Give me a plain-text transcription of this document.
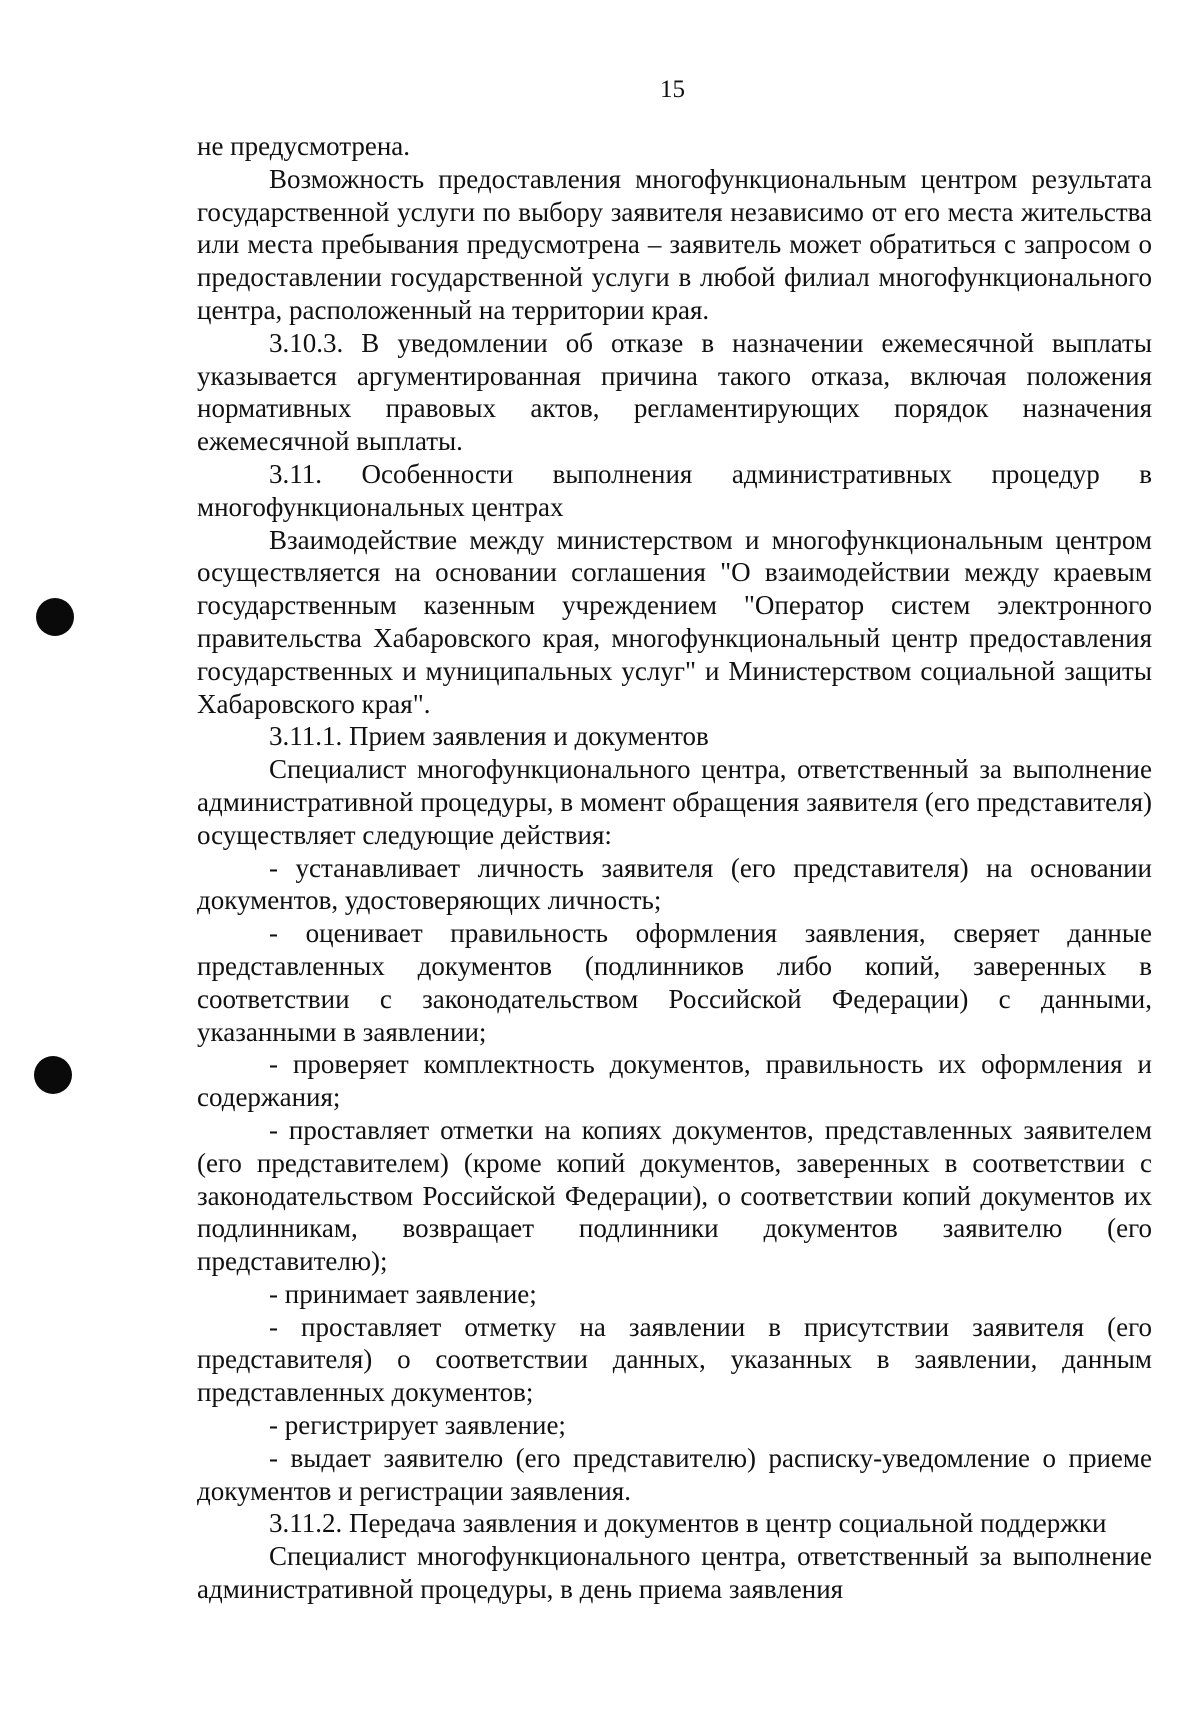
15

не предусмотрена.

Возможность предоставления многофункциональным центром результата государственной услуги по выбору заявителя независимо от его места жительства или места пребывания предусмотрена – заявитель может обратиться с запросом о предоставлении государственной услуги в любой филиал многофункционального центра, расположенный на территории края.

3.10.3. В уведомлении об отказе в назначении ежемесячной выплаты указывается аргументированная причина такого отказа, включая положения нормативных правовых актов, регламентирующих порядок назначения ежемесячной выплаты.

3.11. Особенности выполнения административных процедур в многофункциональных центрах

Взаимодействие между министерством и многофункциональным центром осуществляется на основании соглашения "О взаимодействии между краевым государственным казенным учреждением "Оператор систем электронного правительства Хабаровского края, многофункциональный центр предоставления государственных и муниципальных услуг" и Министерством социальной защиты Хабаровского края".

3.11.1. Прием заявления и документов

Специалист многофункционального центра, ответственный за выполнение административной процедуры, в момент обращения заявителя (его представителя) осуществляет следующие действия:

- устанавливает личность заявителя (его представителя) на основании документов, удостоверяющих личность;

- оценивает правильность оформления заявления, сверяет данные представленных документов (подлинников либо копий, заверенных в соответствии с законодательством Российской Федерации) с данными, указанными в заявлении;

- проверяет комплектность документов, правильность их оформления и содержания;

- проставляет отметки на копиях документов, представленных заявителем (его представителем) (кроме копий документов, заверенных в соответствии с законодательством Российской Федерации), о соответствии копий документов их подлинникам, возвращает подлинники документов заявителю (его представителю);

- принимает заявление;

- проставляет отметку на заявлении в присутствии заявителя (его представителя) о соответствии данных, указанных в заявлении, данным представленных документов;

- регистрирует заявление;

- выдает заявителю (его представителю) расписку-уведомление о приеме документов и регистрации заявления.

3.11.2. Передача заявления и документов в центр социальной поддержки

Специалист многофункционального центра, ответственный за выполнение административной процедуры, в день приема заявления
